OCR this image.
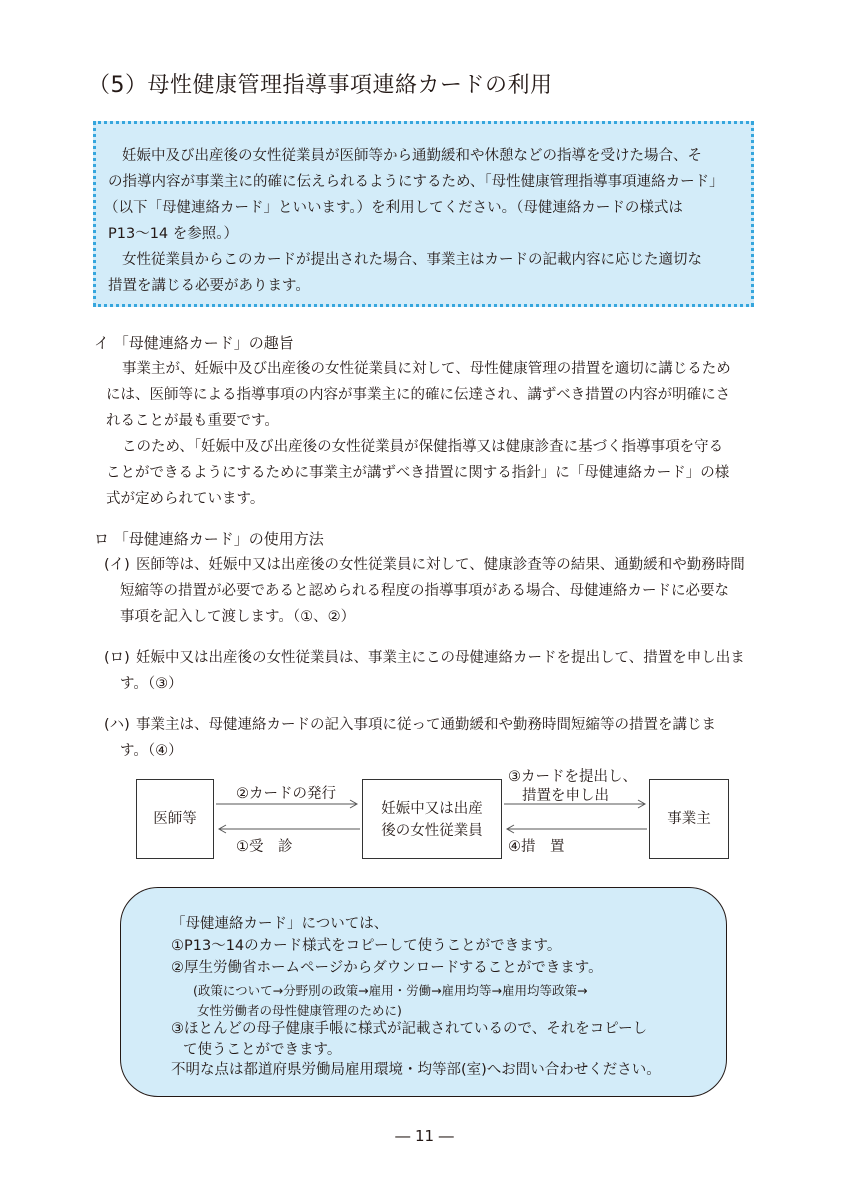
（5）母性健康管理指導事項連絡カードの利用
妊娠中及び出産後の女性従業員が医師等から通勤緩和や休憩などの指導を受けた場合、そ
の指導内容が事業主に的確に伝えられるようにするため、「母性健康管理指導事項連絡カード」
（以下「母健連絡カード」といいます。）を利用してください。（母健連絡カードの様式は
P13～14 を参照。）
女性従業員からこのカードが提出された場合、事業主はカードの記載内容に応じた適切な
措置を講じる必要があります。
イ 「母健連絡カード」の趣旨
事業主が、妊娠中及び出産後の女性従業員に対して、母性健康管理の措置を適切に講じるため
には、医師等による指導事項の内容が事業主に的確に伝達され、講ずべき措置の内容が明確にさ
れることが最も重要です。
このため、「妊娠中及び出産後の女性従業員が保健指導又は健康診査に基づく指導事項を守る
ことができるようにするために事業主が講ずべき措置に関する指針」に「母健連絡カード」の様
式が定められています。
ロ 「母健連絡カード」の使用方法
(イ) 医師等は、妊娠中又は出産後の女性従業員に対して、健康診査等の結果、通勤緩和や勤務時間
短縮等の措置が必要であると認められる程度の指導事項がある場合、母健連絡カードに必要な
事項を記入して渡します。（①、②）
(ロ) 妊娠中又は出産後の女性従業員は、事業主にこの母健連絡カードを提出して、措置を申し出ま
す。（③）
(ハ) 事業主は、母健連絡カードの記入事項に従って通勤緩和や勤務時間短縮等の措置を講じま
す。（④）
医師等
妊娠中又は出産
後の女性従業員
事業主
②カードの発行
①受　診
③カードを提出し、
措置を申し出
④措　置
「母健連絡カード」については、
①P13～14のカード様式をコピーして使うことができます。
②厚生労働省ホームページからダウンロードすることができます。
(政策について→分野別の政策→雇用・労働→雇用均等→雇用均等政策→
女性労働者の母性健康管理のために)
③ほとんどの母子健康手帳に様式が記載されているので、それをコピーし
て使うことができます。
不明な点は都道府県労働局雇用環境・均等部(室)へお問い合わせください。
― 11 ―
